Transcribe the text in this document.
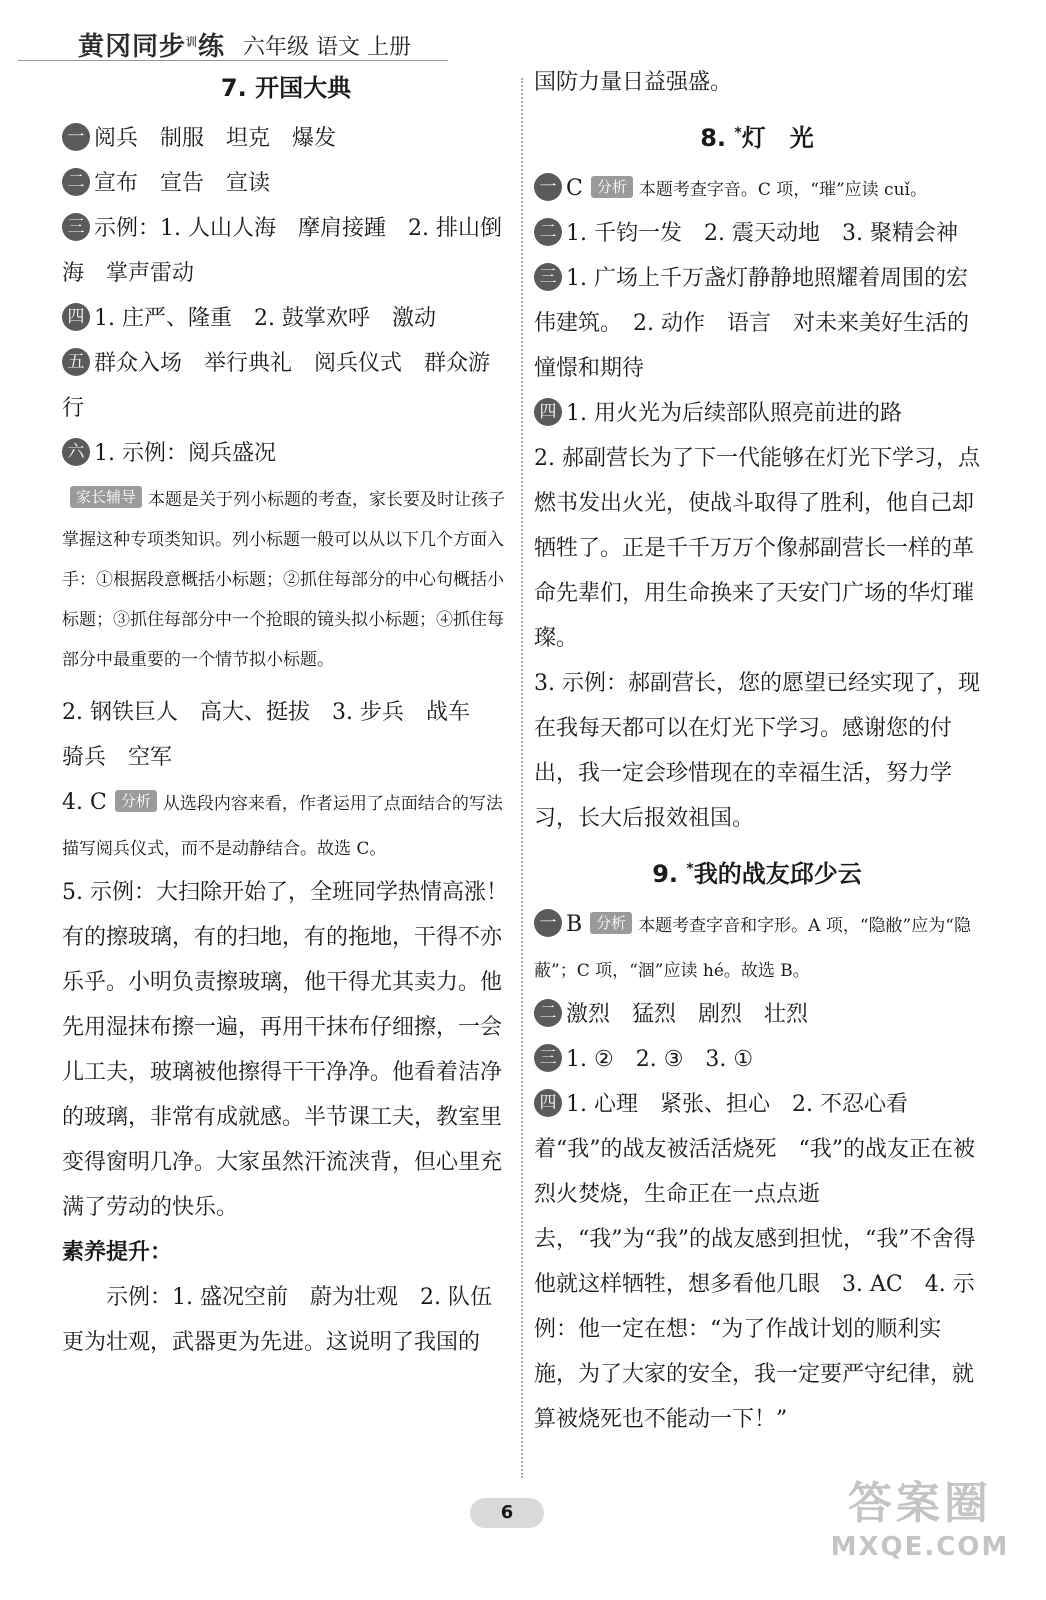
黄冈同步$^训$练 六年级 语文 上册

7. 开国大典

一 阅兵　制服　坦克　爆发

二 宣布　宣告　宣读

三 示例：1. 人山人海　摩肩接踵　2. 排山倒海　掌声雷动

四 1. 庄严、隆重　2. 鼓掌欢呼　激动

五 群众入场　举行典礼　阅兵仪式　群众游行

六 1. 示例：阅兵盛况

家长辅导 本题是关于列小标题的考查，家长要及时让孩子掌握这种专项类知识。列小标题一般可以从以下几个方面入手：①根据段意概括小标题；②抓住每部分的中心句概括小标题；③抓住每部分中一个抢眼的镜头拟小标题；④抓住每部分中最重要的一个情节拟小标题。

2. 钢铁巨人　高大、挺拔　3. 步兵　战车　骑兵　空军

4. C 分析 从选段内容来看，作者运用了点面结合的写法描写阅兵仪式，而不是动静结合。故选 C。

5. 示例：大扫除开始了，全班同学热情高涨！有的擦玻璃，有的扫地，有的拖地，干得不亦乐乎。小明负责擦玻璃，他干得尤其卖力。他先用湿抹布擦一遍，再用干抹布仔细擦，一会儿工夫，玻璃被他擦得干干净净。他看着洁净的玻璃，非常有成就感。半节课工夫，教室里变得窗明几净。大家虽然汗流浃背，但心里充满了劳动的快乐。

素养提升：

示例：1. 盛况空前　蔚为壮观　2. 队伍更为壮观，武器更为先进。这说明了我国的

国防力量日益强盛。

8. *灯　光

一 C 分析 本题考查字音。C 项，“璀”应读 cuǐ。

二 1. 千钧一发　2. 震天动地　3. 聚精会神

三 1. 广场上千万盏灯静静地照耀着周围的宏伟建筑。　2. 动作　语言　对未来美好生活的憧憬和期待

四 1. 用火光为后续部队照亮前进的路

2. 郝副营长为了下一代能够在灯光下学习，点燃书发出火光，使战斗取得了胜利，他自己却牺牲了。正是千千万万个像郝副营长一样的革命先辈们，用生命换来了天安门广场的华灯璀璨。

3. 示例：郝副营长，您的愿望已经实现了，现在我每天都可以在灯光下学习。感谢您的付出，我一定会珍惜现在的幸福生活，努力学习，长大后报效祖国。

9. *我的战友邱少云

一 B 分析 本题考查字音和字形。A 项，“隐敝”应为“隐蔽”；C 项，“涸”应读 hé。故选 B。

二 激烈　猛烈　剧烈　壮烈

三 1. ②　2. ③　3. ①

四 1. 心理　紧张、担心　2. 不忍心看着“我”的战友被活活烧死　“我”的战友正在被烈火焚烧，生命正在一点点逝去，“我”为“我”的战友感到担忧，“我”不舍得他就这样牺牲，想多看他几眼　3. AC　4. 示例：他一定在想：“为了作战计划的顺利实施，为了大家的安全，我一定要严守纪律，就算被烧死也不能动一下！”

6	答案圈
MXQE.COM
